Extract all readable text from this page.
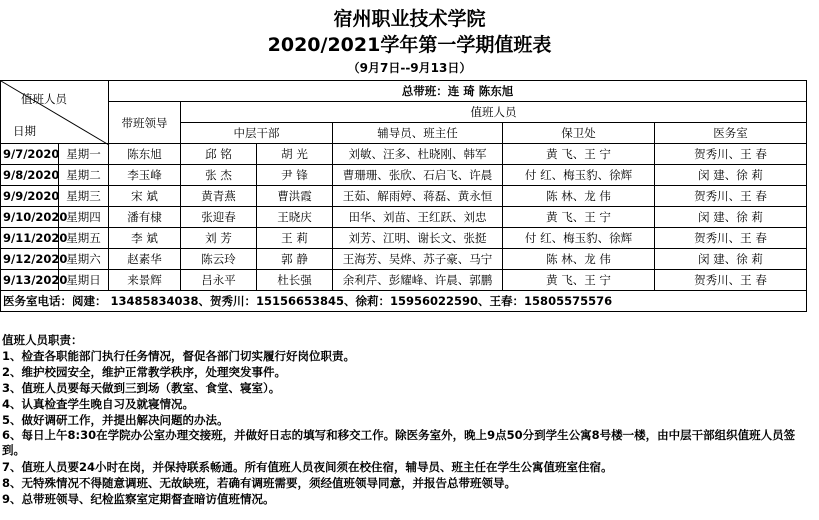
宿州职业技术学院
2020/2021学年第一学期值班表
（9月7日--9月13日）
值班人员
日期		总带班：连 琦 陈东旭					
		带班领导	值班人员				
			中层干部		辅导员、班主任	保卫处	医务室
9/7/2020	星期一	陈东旭	邱 铭	胡 光	刘敏、汪多、杜晓刚、韩军	黄 飞、王 宁	贺秀川、王 春
9/8/2020	星期二	李玉峰	张 杰	尹 锋	曹珊珊、张欣、石启飞、许晨	付 红、梅玉豹、徐辉	闵 建、徐 莉
9/9/2020	星期三	宋 斌	黄青燕	曹洪霞	王茹、解雨婷、蒋磊、黄永恒	陈 林、龙 伟	贺秀川、王 春
9/10/2020	星期四	潘有棣	张迎春	王晓庆	田华、刘苗、王红跃、刘忠	黄 飞、王 宁	闵 建、徐 莉
9/11/2020	星期五	李 斌	刘 芳	王 莉	刘芳、江明、谢长文、张挺	付 红、梅玉豹、徐辉	贺秀川、王 春
9/12/2020	星期六	赵素华	陈云玲	郭 静	王海芳、吴烨、苏子豪、马宁	陈 林、龙 伟	闵 建、徐 莉
9/13/2020	星期日	来景辉	吕永平	杜长强	余利芹、彭耀峰、许晨、郭鹏	黄 飞、王 宁	贺秀川、王 春
医务室电话：阅建： 13485834038、贺秀川：15156653845、徐莉：15956022590、王春：15805575576							

值班人员职责：

1、检查各职能部门执行任务情况，督促各部门切实履行好岗位职责。

2、维护校园安全，维护正常教学秩序，处理突发事件。

3、值班人员要每天做到三到场（教室、食堂、寝室）。

4、认真检查学生晚自习及就寝情况。

5、做好调研工作，并提出解决问题的办法。

6、每日上午8:30在学院办公室办理交接班，并做好日志的填写和移交工作。除医务室外，晚上9点50分到学生公寓8号楼一楼，由中层干部组织值班人员签到。

7、值班人员要24小时在岗，并保持联系畅通。所有值班人员夜间须在校住宿，辅导员、班主任在学生公寓值班室住宿。

8、无特殊情况不得随意调班、无故缺班，若确有调班需要，须经值班领导同意，并报告总带班领导。

9、总带班领导、纪检监察室定期督查暗访值班情况。
